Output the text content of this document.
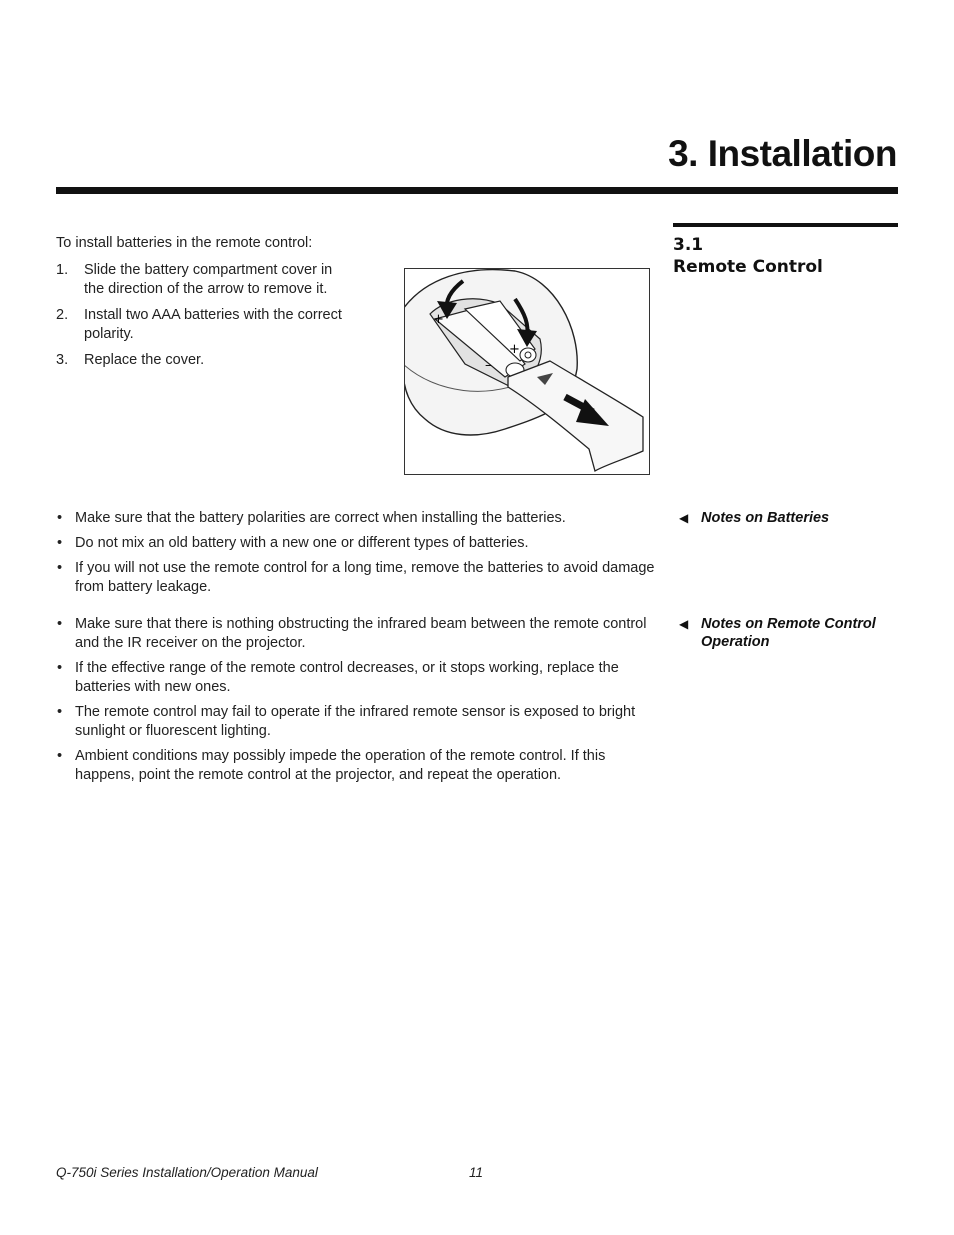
3. Installation
3.1
Remote Control

To install batteries in the remote control:

1. Slide the battery compartment cover in the direction of the arrow to remove it.
2. Install two AAA batteries with the correct polarity.
3. Replace the cover.
+
+
–
• Make sure that the battery polarities are correct when installing the batteries.
• Do not mix an old battery with a new one or different types of batteries.
• If you will not use the remote control for a long time, remove the batteries to avoid damage from battery leakage.
◀ Notes on Batteries
• Make sure that there is nothing obstructing the infrared beam between the remote control and the IR receiver on the projector.
• If the effective range of the remote control decreases, or it stops working, replace the batteries with new ones.
• The remote control may fail to operate if the infrared remote sensor is exposed to bright sunlight or fluorescent lighting.
• Ambient conditions may possibly impede the operation of the remote control. If this happens, point the remote control at the projector, and repeat the operation.
◀ Notes on Remote Control Operation
Q-750i Series Installation/Operation Manual	11
